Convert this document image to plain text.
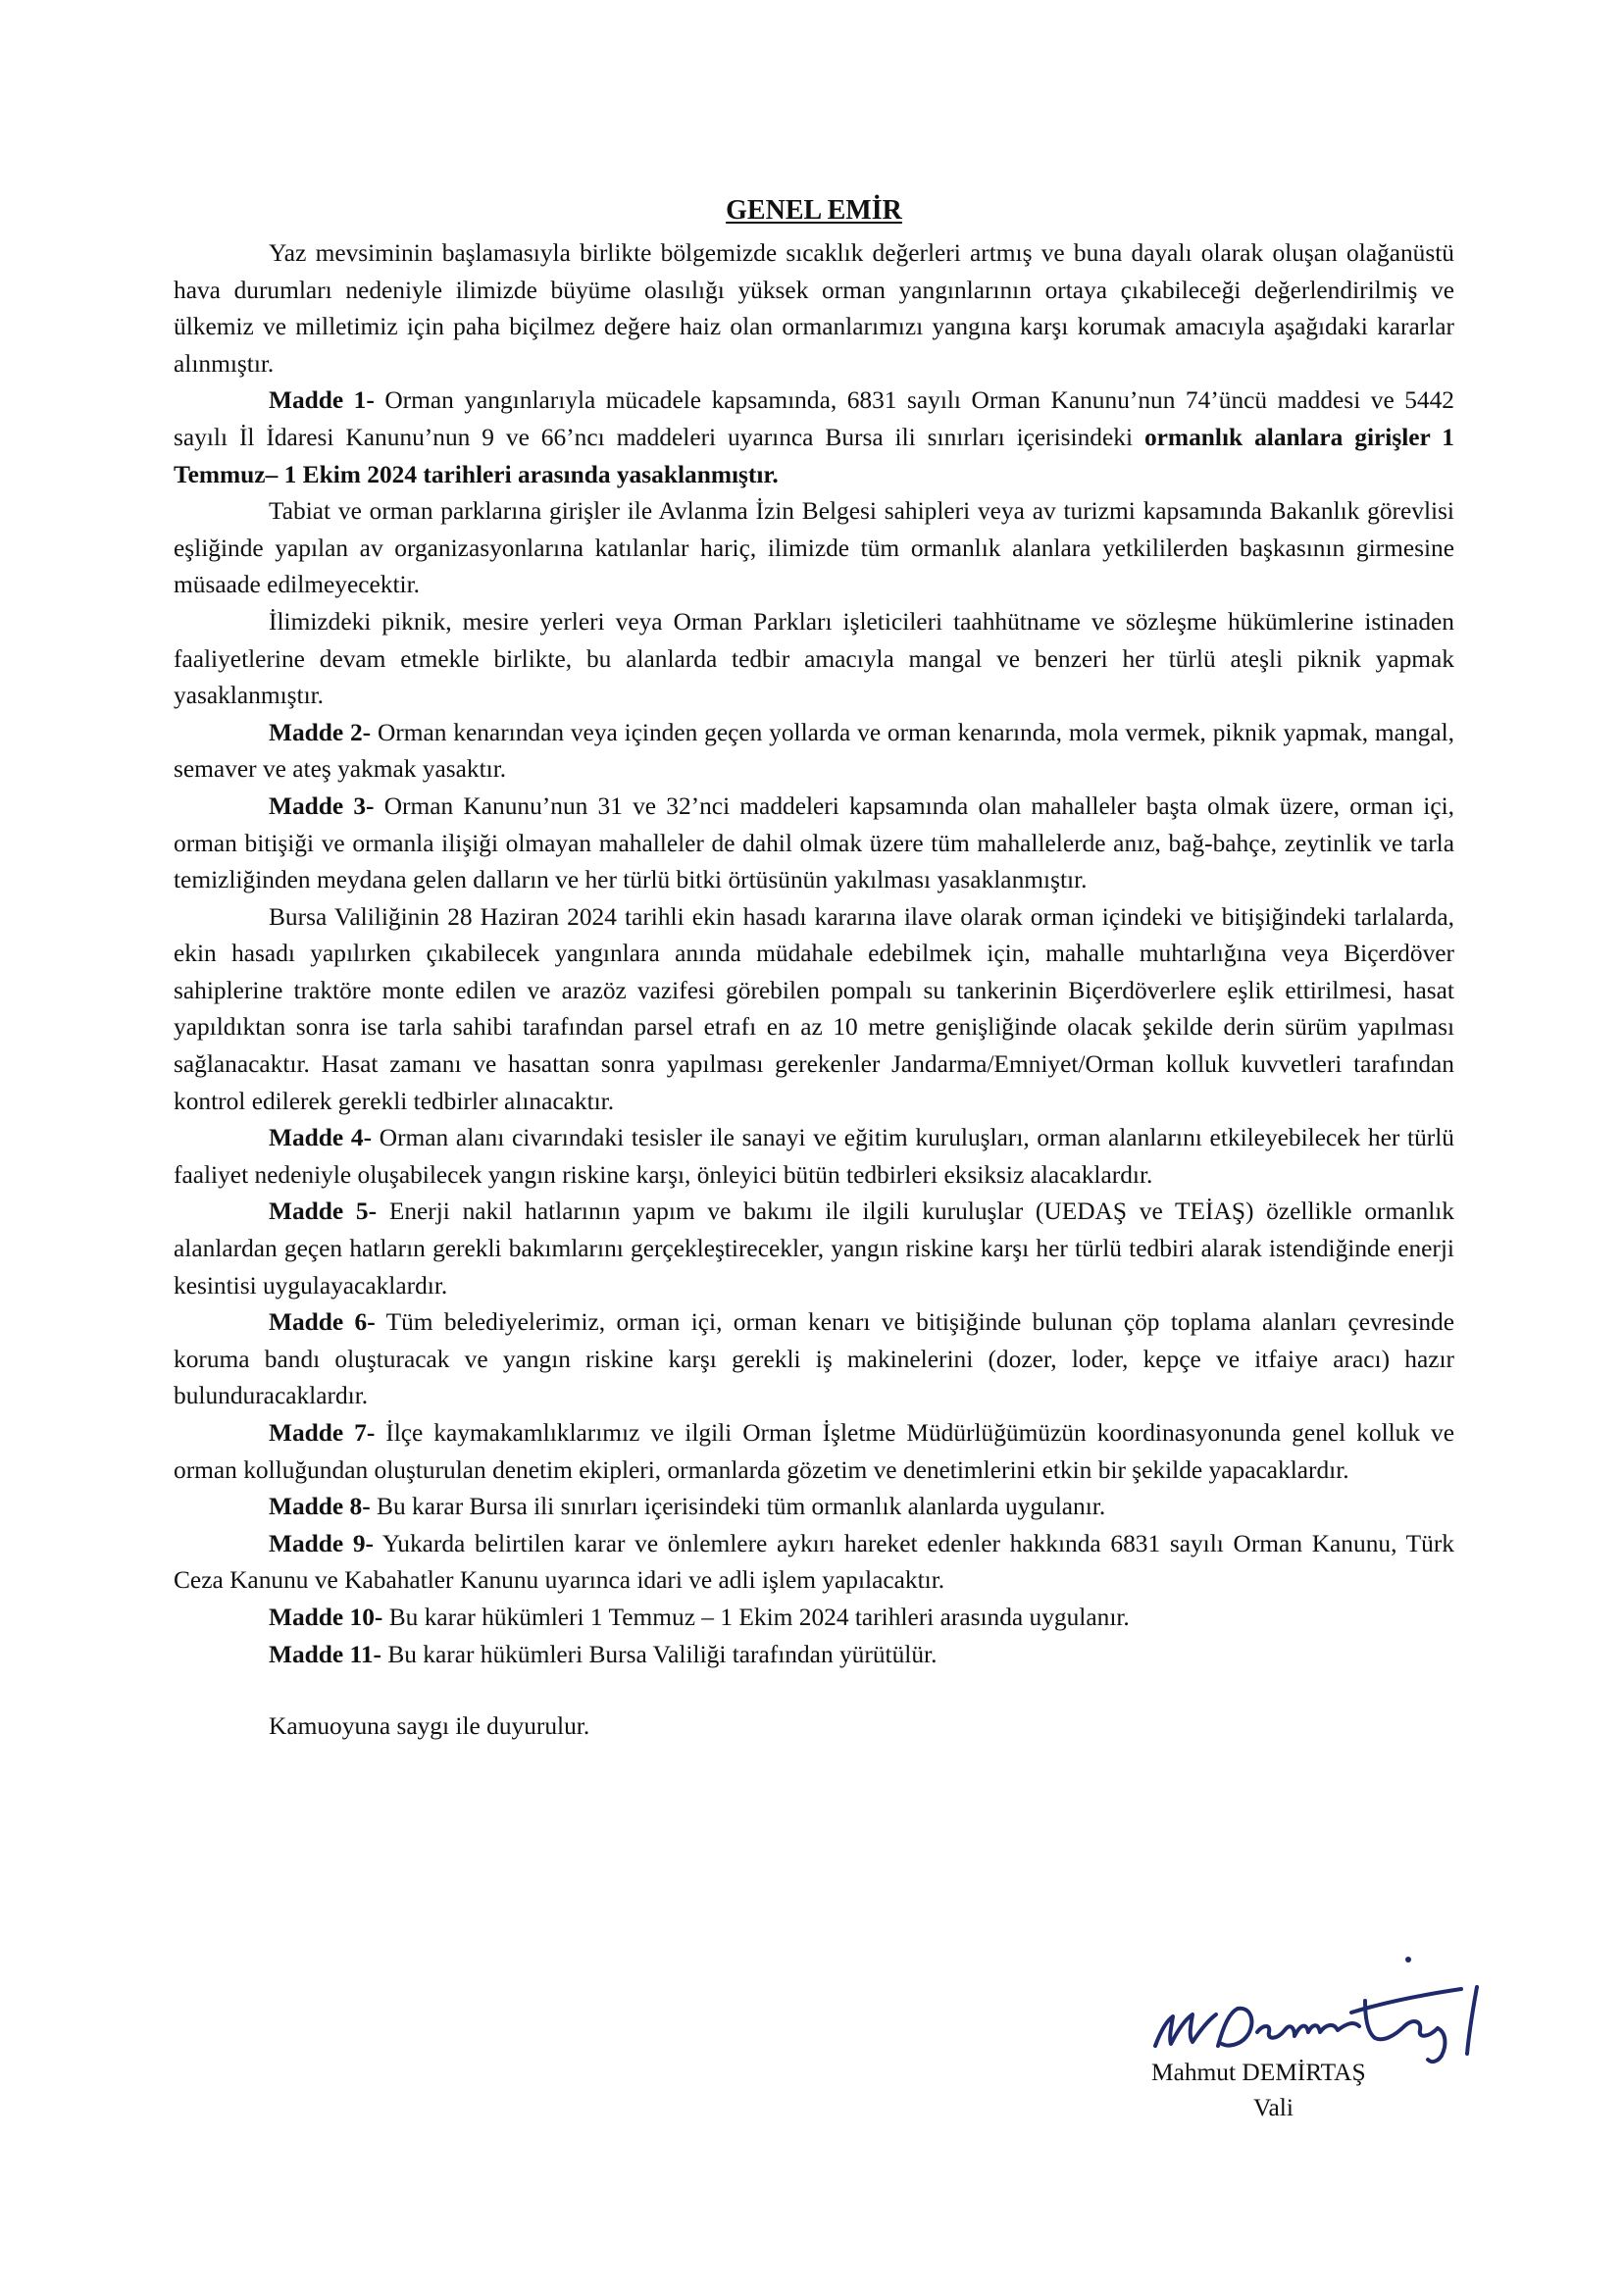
GENEL EMİR

Yaz mevsiminin başlamasıyla birlikte bölgemizde sıcaklık değerleri artmış ve buna dayalı olarak oluşan olağanüstü hava durumları nedeniyle ilimizde büyüme olasılığı yüksek orman yangınlarının ortaya çıkabileceği değerlendirilmiş ve ülkemiz ve milletimiz için paha biçilmez değere haiz olan ormanlarımızı yangına karşı korumak amacıyla aşağıdaki kararlar alınmıştır.

Madde 1- Orman yangınlarıyla mücadele kapsamında, 6831 sayılı Orman Kanunu’nun 74’üncü maddesi ve 5442 sayılı İl İdaresi Kanunu’nun 9 ve 66’ncı maddeleri uyarınca Bursa ili sınırları içerisindeki ormanlık alanlara girişler 1 Temmuz– 1 Ekim 2024 tarihleri arasında yasaklanmıştır.

Tabiat ve orman parklarına girişler ile Avlanma İzin Belgesi sahipleri veya av turizmi kapsamında Bakanlık görevlisi eşliğinde yapılan av organizasyonlarına katılanlar hariç, ilimizde tüm ormanlık alanlara yetkililerden başkasının girmesine müsaade edilmeyecektir.

İlimizdeki piknik, mesire yerleri veya Orman Parkları işleticileri taahhütname ve sözleşme hükümlerine istinaden faaliyetlerine devam etmekle birlikte, bu alanlarda tedbir amacıyla mangal ve benzeri her türlü ateşli piknik yapmak yasaklanmıştır.

Madde 2- Orman kenarından veya içinden geçen yollarda ve orman kenarında, mola vermek, piknik yapmak, mangal, semaver ve ateş yakmak yasaktır.

Madde 3- Orman Kanunu’nun 31 ve 32’nci maddeleri kapsamında olan mahalleler başta olmak üzere, orman içi, orman bitişiği ve ormanla ilişiği olmayan mahalleler de dahil olmak üzere tüm mahallelerde anız, bağ-bahçe, zeytinlik ve tarla temizliğinden meydana gelen dalların ve her türlü bitki örtüsünün yakılması yasaklanmıştır.

Bursa Valiliğinin 28 Haziran 2024 tarihli ekin hasadı kararına ilave olarak orman içindeki ve bitişiğindeki tarlalarda, ekin hasadı yapılırken çıkabilecek yangınlara anında müdahale edebilmek için, mahalle muhtarlığına veya Biçerdöver sahiplerine traktöre monte edilen ve arazöz vazifesi görebilen pompalı su tankerinin Biçerdöverlere eşlik ettirilmesi, hasat yapıldıktan sonra ise tarla sahibi tarafından parsel etrafı en az 10 metre genişliğinde olacak şekilde derin sürüm yapılması sağlanacaktır. Hasat zamanı ve hasattan sonra yapılması gerekenler Jandarma/Emniyet/Orman kolluk kuvvetleri tarafından kontrol edilerek gerekli tedbirler alınacaktır.

Madde 4- Orman alanı civarındaki tesisler ile sanayi ve eğitim kuruluşları, orman alanlarını etkileyebilecek her türlü faaliyet nedeniyle oluşabilecek yangın riskine karşı, önleyici bütün tedbirleri eksiksiz alacaklardır.

Madde 5- Enerji nakil hatlarının yapım ve bakımı ile ilgili kuruluşlar (UEDAŞ ve TEİAŞ) özellikle ormanlık alanlardan geçen hatların gerekli bakımlarını gerçekleştirecekler, yangın riskine karşı her türlü tedbiri alarak istendiğinde enerji kesintisi uygulayacaklardır.

Madde 6- Tüm belediyelerimiz, orman içi, orman kenarı ve bitişiğinde bulunan çöp toplama alanları çevresinde koruma bandı oluşturacak ve yangın riskine karşı gerekli iş makinelerini (dozer, loder, kepçe ve itfaiye aracı) hazır bulunduracaklardır.

Madde 7- İlçe kaymakamlıklarımız ve ilgili Orman İşletme Müdürlüğümüzün koordinasyonunda genel kolluk ve orman kolluğundan oluşturulan denetim ekipleri, ormanlarda gözetim ve denetimlerini etkin bir şekilde yapacaklardır.

Madde 8- Bu karar Bursa ili sınırları içerisindeki tüm ormanlık alanlarda uygulanır.

Madde 9- Yukarda belirtilen karar ve önlemlere aykırı hareket edenler hakkında 6831 sayılı Orman Kanunu, Türk Ceza Kanunu ve Kabahatler Kanunu uyarınca idari ve adli işlem yapılacaktır.

Madde 10- Bu karar hükümleri 1 Temmuz – 1 Ekim 2024 tarihleri arasında uygulanır.

Madde 11- Bu karar hükümleri Bursa Valiliği tarafından yürütülür.

Kamuoyuna saygı ile duyurulur.

Mahmut DEMİRTAŞ
Vali
